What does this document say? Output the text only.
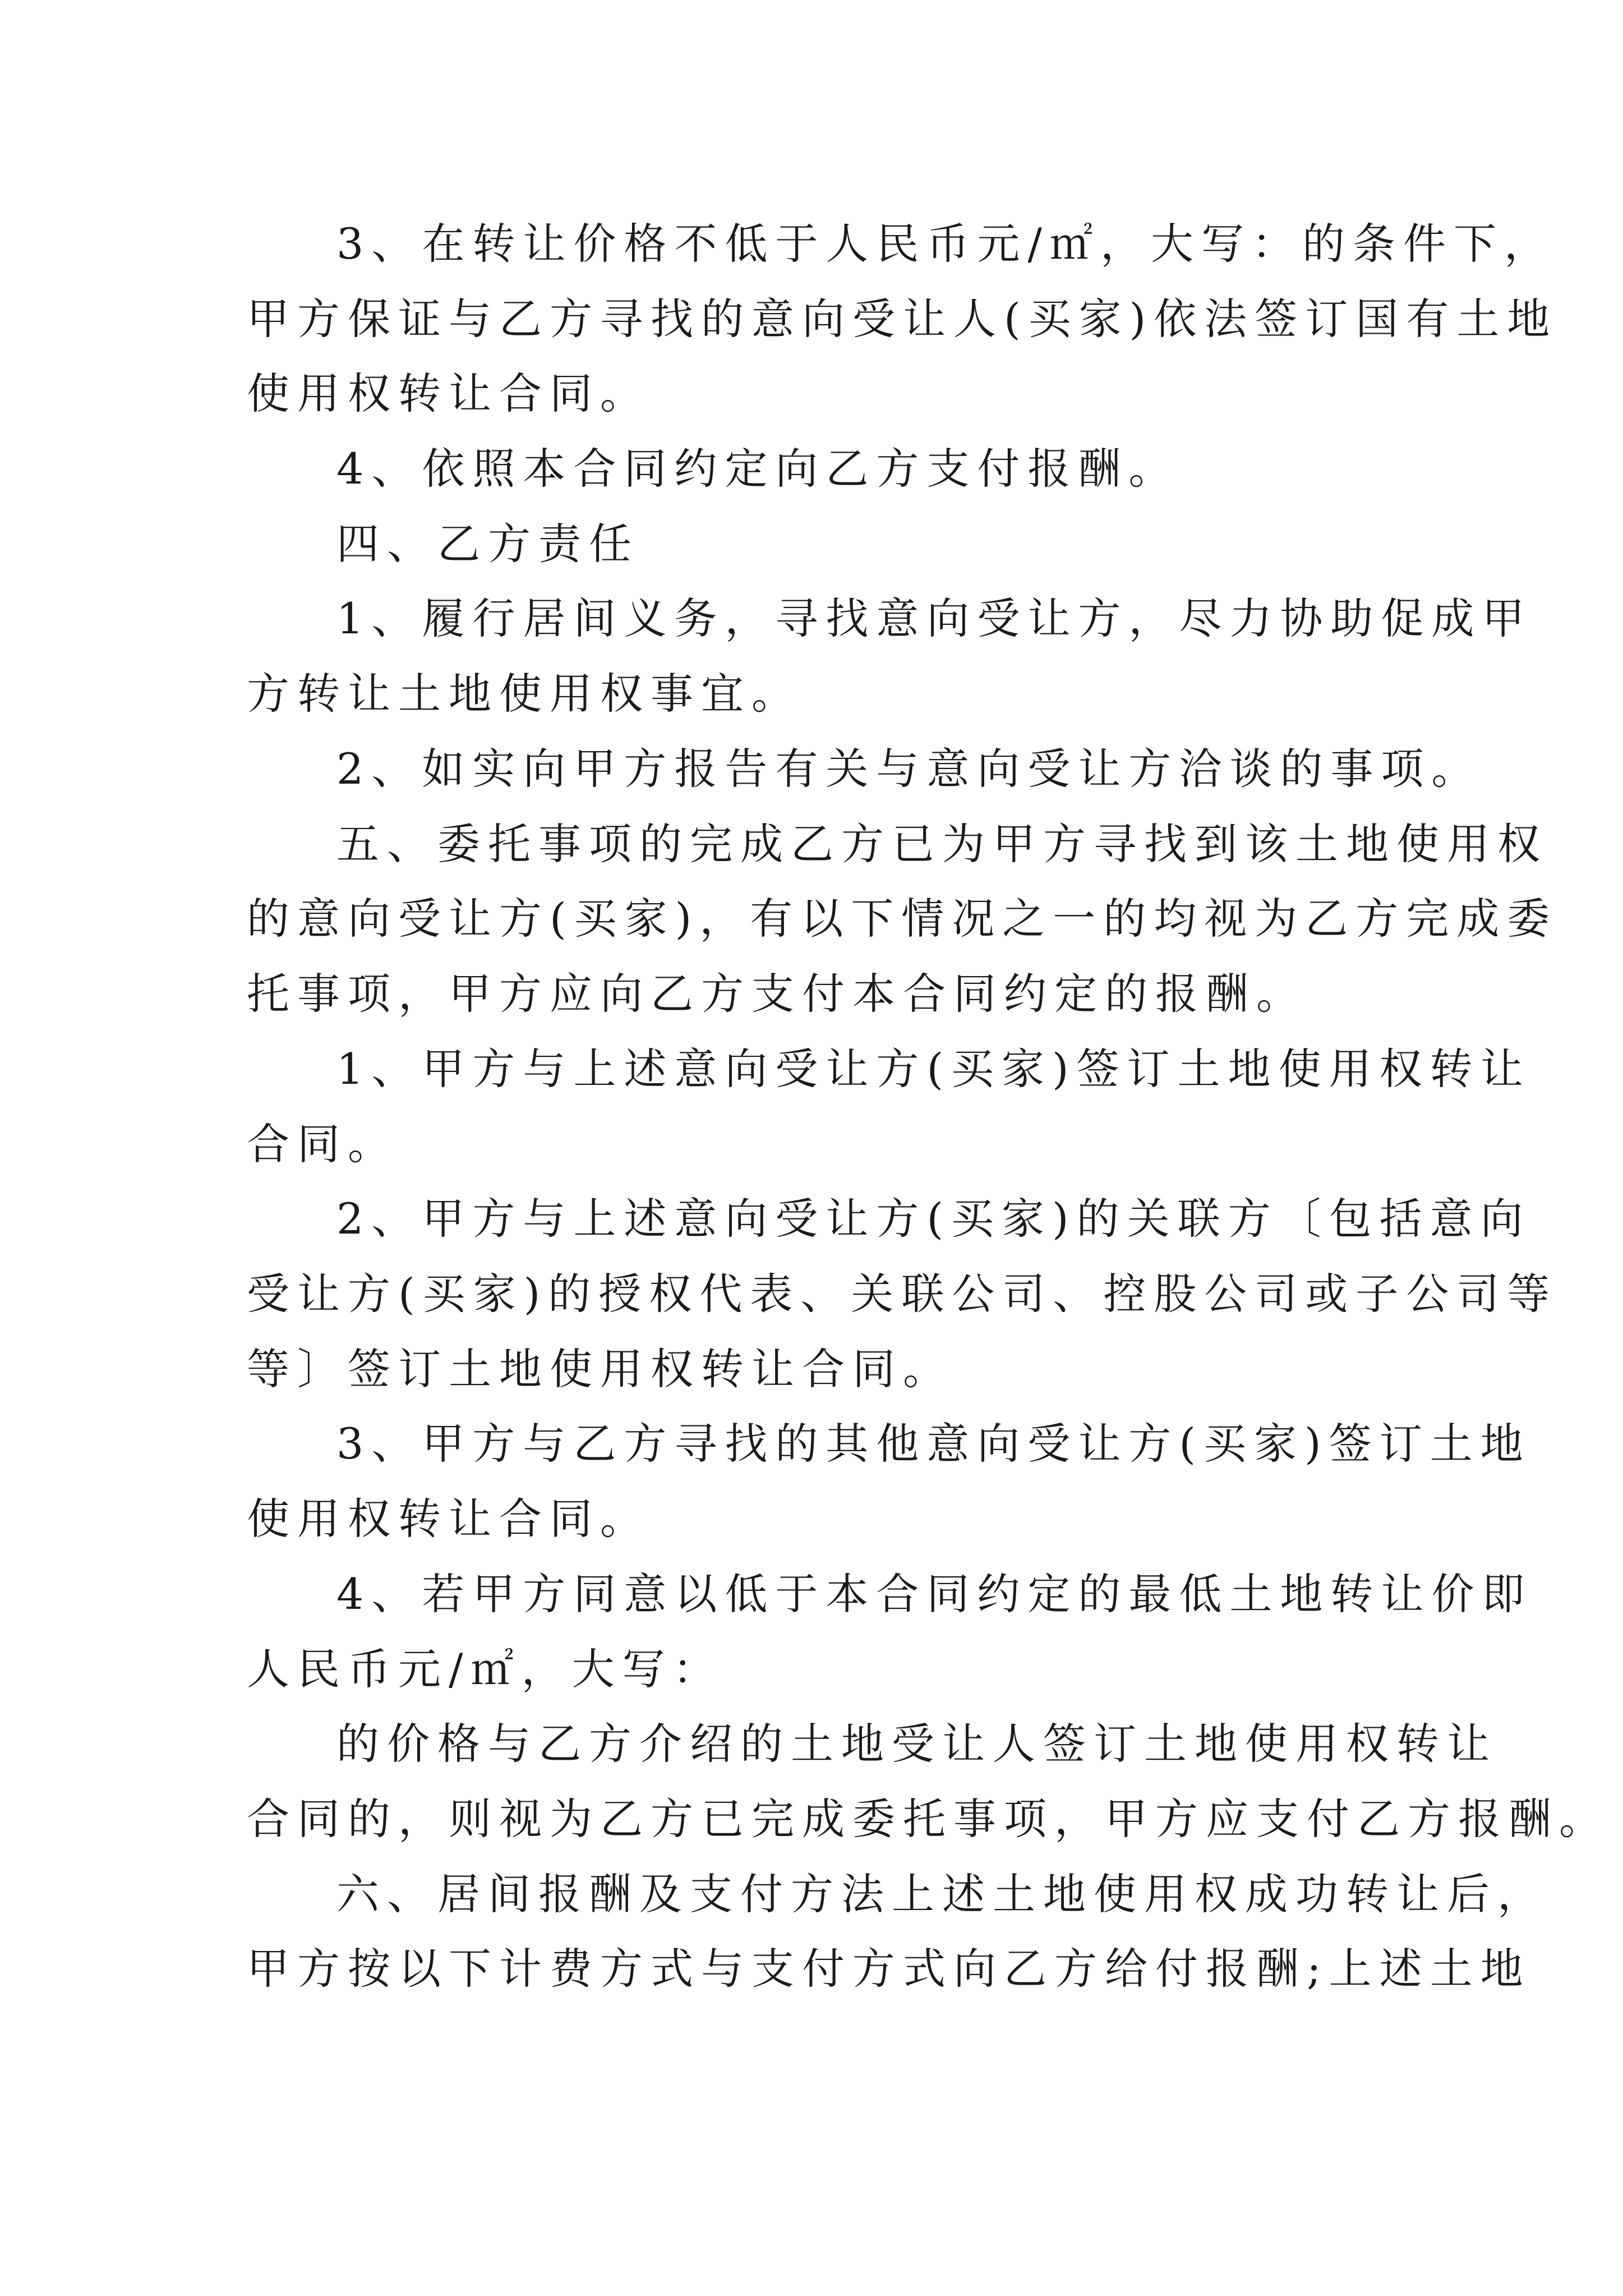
3、在转让价格不低于人民币元/㎡，大写：的条件下，
甲方保证与乙方寻找的意向受让人(买家)依法签订国有土地
使用权转让合同。
4、依照本合同约定向乙方支付报酬。
四、乙方责任
1、履行居间义务，寻找意向受让方，尽力协助促成甲
方转让土地使用权事宜。
2、如实向甲方报告有关与意向受让方洽谈的事项。
五、委托事项的完成乙方已为甲方寻找到该土地使用权
的意向受让方(买家)，有以下情况之一的均视为乙方完成委
托事项，甲方应向乙方支付本合同约定的报酬。
1、甲方与上述意向受让方(买家)签订土地使用权转让
合同。
2、甲方与上述意向受让方(买家)的关联方〔包括意向
受让方(买家)的授权代表、关联公司、控股公司或子公司等
等〕签订土地使用权转让合同。
3、甲方与乙方寻找的其他意向受让方(买家)签订土地
使用权转让合同。
4、若甲方同意以低于本合同约定的最低土地转让价即
人民币元/㎡，大写：
的价格与乙方介绍的土地受让人签订土地使用权转让
合同的，则视为乙方已完成委托事项，甲方应支付乙方报酬。
六、居间报酬及支付方法上述土地使用权成功转让后，
甲方按以下计费方式与支付方式向乙方给付报酬;上述土地
